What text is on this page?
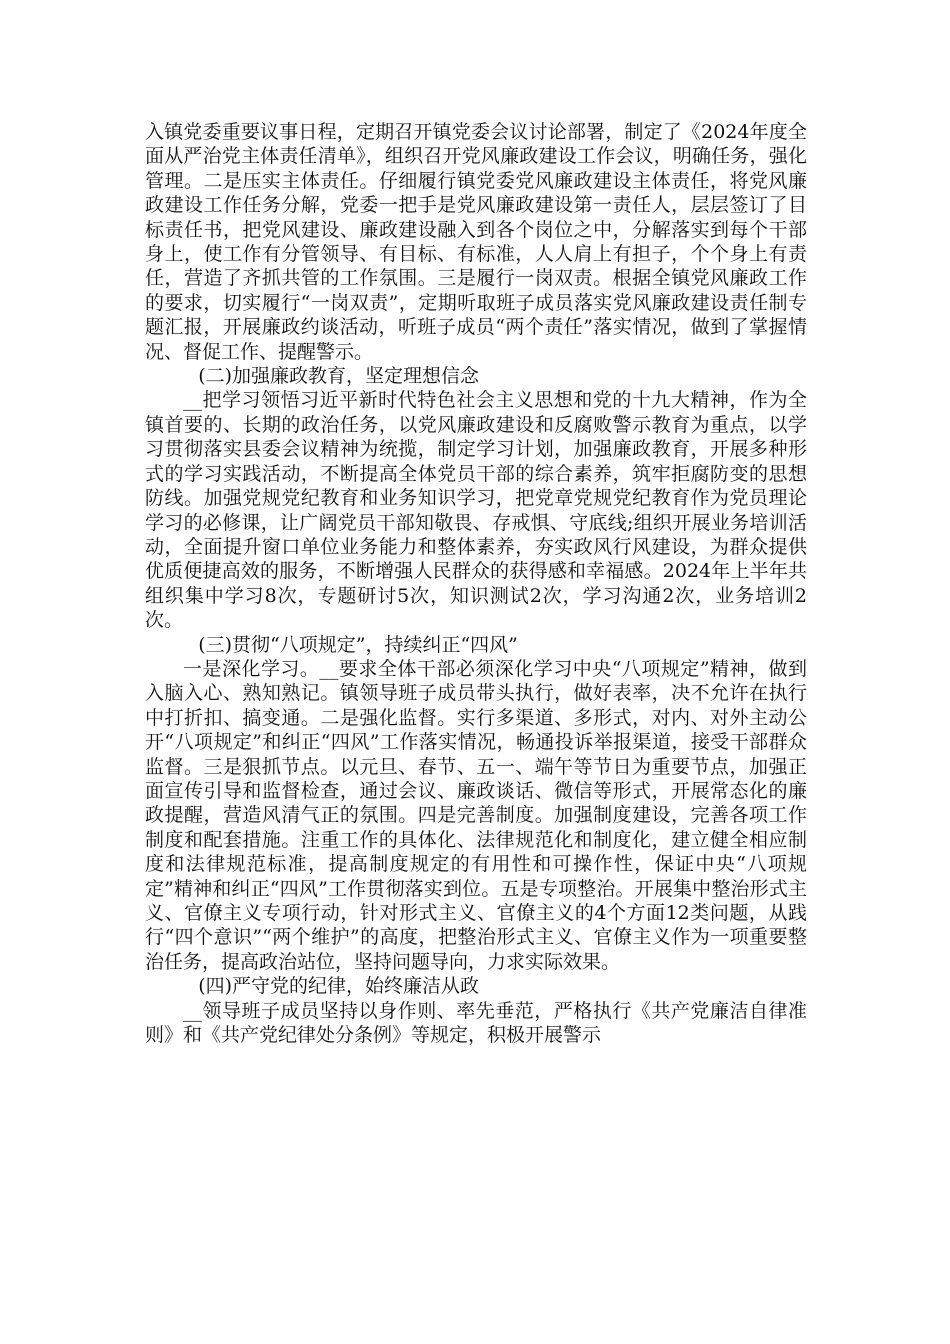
入镇党委重要议事日程，定期召开镇党委会议讨论部署，制定了《2024年度全面从严治党主体责任清单》，组织召开党风廉政建设工作会议，明确任务，强化管理。二是压实主体责任。仔细履行镇党委党风廉政建设主体责任，将党风廉政建设工作任务分解，党委一把手是党风廉政建设第一责任人，层层签订了目标责任书，把党风建设、廉政建设融入到各个岗位之中，分解落实到每个干部身上，使工作有分管领导、有目标、有标准，人人肩上有担子，个个身上有责任，营造了齐抓共管的工作氛围。三是履行一岗双责。根据全镇党风廉政工作的要求，切实履行“一岗双责”，定期听取班子成员落实党风廉政建设责任制专题汇报，开展廉政约谈活动，听班子成员“两个责任”落实情况，做到了掌握情况、督促工作、提醒警示。

(二)加强廉政教育，坚定理想信念

__把学习领悟习近平新时代特色社会主义思想和党的十九大精神，作为全镇首要的、长期的政治任务，以党风廉政建设和反腐败警示教育为重点，以学习贯彻落实县委会议精神为统揽，制定学习计划，加强廉政教育，开展多种形式的学习实践活动，不断提高全体党员干部的综合素养，筑牢拒腐防变的思想防线。加强党规党纪教育和业务知识学习，把党章党规党纪教育作为党员理论学习的必修课，让广阔党员干部知敬畏、存戒惧、守底线;组织开展业务培训活动，全面提升窗口单位业务能力和整体素养，夯实政风行风建设，为群众提供优质便捷高效的服务，不断增强人民群众的获得感和幸福感。2024年上半年共组织集中学习8次，专题研讨5次，知识测试2次，学习沟通2次，业务培训2次。

(三)贯彻“八项规定”，持续纠正“四风”

一是深化学习。__要求全体干部必须深化学习中央“八项规定”精神，做到入脑入心、熟知熟记。镇领导班子成员带头执行，做好表率，决不允许在执行中打折扣、搞变通。二是强化监督。实行多渠道、多形式，对内、对外主动公开“八项规定”和纠正“四风”工作落实情况，畅通投诉举报渠道，接受干部群众监督。三是狠抓节点。以元旦、春节、五一、端午等节日为重要节点，加强正面宣传引导和监督检查，通过会议、廉政谈话、微信等形式，开展常态化的廉政提醒，营造风清气正的氛围。四是完善制度。加强制度建设，完善各项工作制度和配套措施。注重工作的具体化、法律规范化和制度化，建立健全相应制度和法律规范标准，提高制度规定的有用性和可操作性，保证中央“八项规定”精神和纠正“四风”工作贯彻落实到位。五是专项整治。开展集中整治形式主义、官僚主义专项行动，针对形式主义、官僚主义的4个方面12类问题，从践行“四个意识”“两个维护”的高度，把整治形式主义、官僚主义作为一项重要整治任务，提高政治站位，坚持问题导向，力求实际效果。

(四)严守党的纪律，始终廉洁从政

__领导班子成员坚持以身作则、率先垂范，严格执行《共产党廉洁自律准则》和《共产党纪律处分条例》等规定，积极开展警示
